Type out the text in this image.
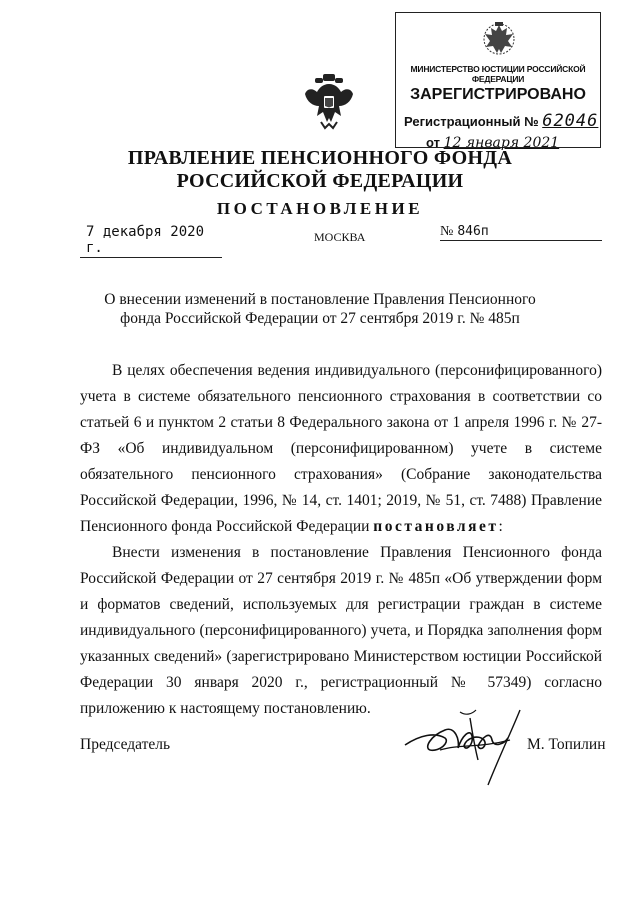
МИНИСТЕРСТВО ЮСТИЦИИ РОССИЙСКОЙ ФЕДЕРАЦИИ
ЗАРЕГИСТРИРОВАНО
Регистрационный № 62046
от 12 января 2021
ПРАВЛЕНИЕ ПЕНСИОННОГО ФОНДА
РОССИЙСКОЙ ФЕДЕРАЦИИ
ПОСТАНОВЛЕНИЕ
7 декабря 2020 г.
МОСКВА	№ 846п
О внесении изменений в постановление Правления Пенсионного
фонда Российской Федерации от 27 сентября 2019 г. № 485п

В целях обеспечения ведения индивидуального (персонифицированного) учета в системе обязательного пенсионного страхования в соответствии со статьей 6 и пунктом 2 статьи 8 Федерального закона от 1 апреля 1996 г. № 27-ФЗ «Об индивидуальном (персонифицированном) учете в системе обязательного пенсионного страхования» (Собрание законодательства Российской Федерации, 1996, № 14, ст. 1401; 2019, № 51, ст. 7488) Правление Пенсионного фонда Российской Федерации постановляет:

Внести изменения в постановление Правления Пенсионного фонда Российской Федерации от 27 сентября 2019 г. № 485п «Об утверждении форм и форматов сведений, используемых для регистрации граждан в системе индивидуального (персонифицированного) учета, и Порядка заполнения форм указанных сведений» (зарегистрировано Министерством юстиции Российской Федерации 30 января 2020 г., регистрационный № 57349) согласно приложению к настоящему постановлению.

Председатель	М. Топилин
